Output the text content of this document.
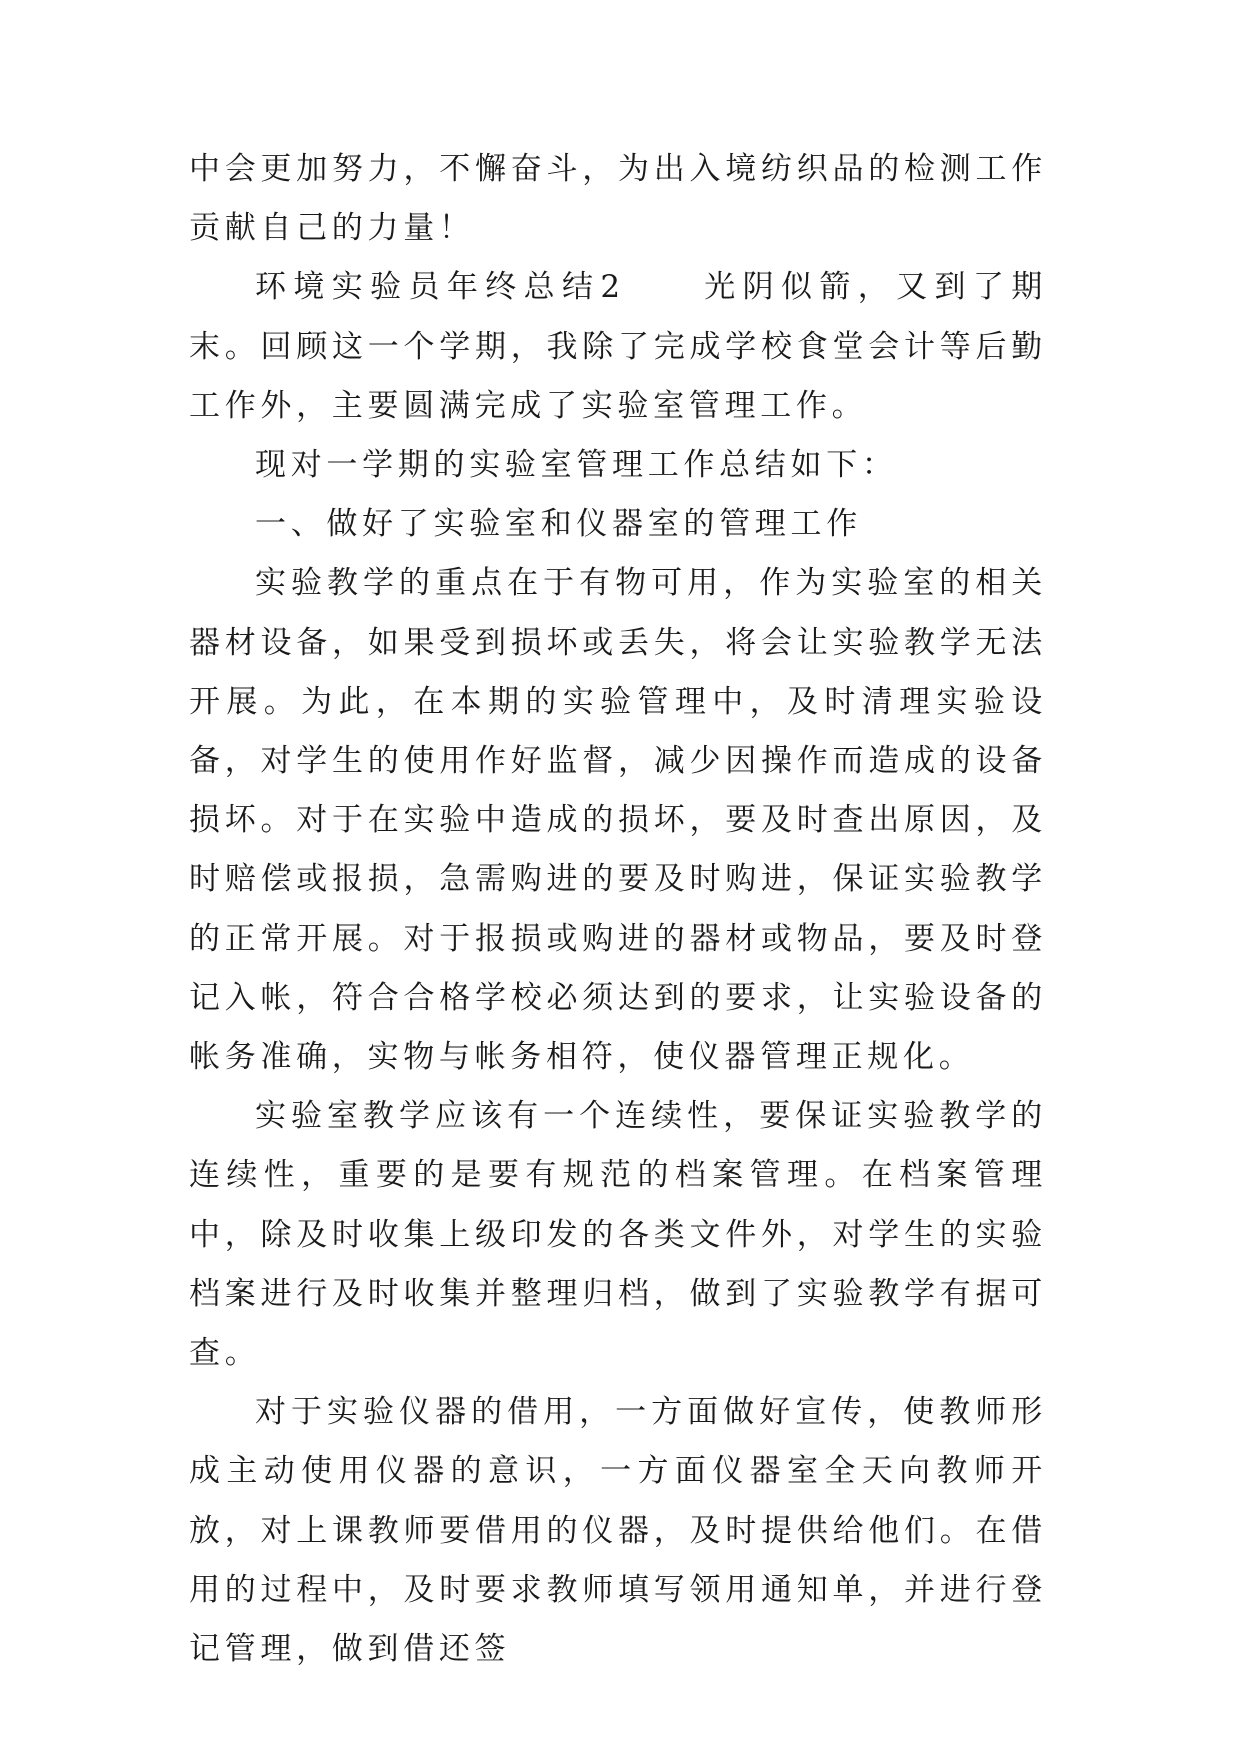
中会更加努力，不懈奋斗，为出入境纺织品的检测工作贡献自己的力量！

环境实验员年终总结2　　光阴似箭，又到了期末。回顾这一个学期，我除了完成学校食堂会计等后勤工作外，主要圆满完成了实验室管理工作。

现对一学期的实验室管理工作总结如下：

一、做好了实验室和仪器室的管理工作

实验教学的重点在于有物可用，作为实验室的相关器材设备，如果受到损坏或丢失，将会让实验教学无法开展。为此，在本期的实验管理中，及时清理实验设备，对学生的使用作好监督，减少因操作而造成的设备损坏。对于在实验中造成的损坏，要及时查出原因，及时赔偿或报损，急需购进的要及时购进，保证实验教学的正常开展。对于报损或购进的器材或物品，要及时登记入帐，符合合格学校必须达到的要求，让实验设备的帐务准确，实物与帐务相符，使仪器管理正规化。

实验室教学应该有一个连续性，要保证实验教学的连续性，重要的是要有规范的档案管理。在档案管理中，除及时收集上级印发的各类文件外，对学生的实验档案进行及时收集并整理归档，做到了实验教学有据可查。

对于实验仪器的借用，一方面做好宣传，使教师形成主动使用仪器的意识，一方面仪器室全天向教师开放，对上课教师要借用的仪器，及时提供给他们。在借用的过程中，及时要求教师填写领用通知单，并进行登记管理，做到借还签
